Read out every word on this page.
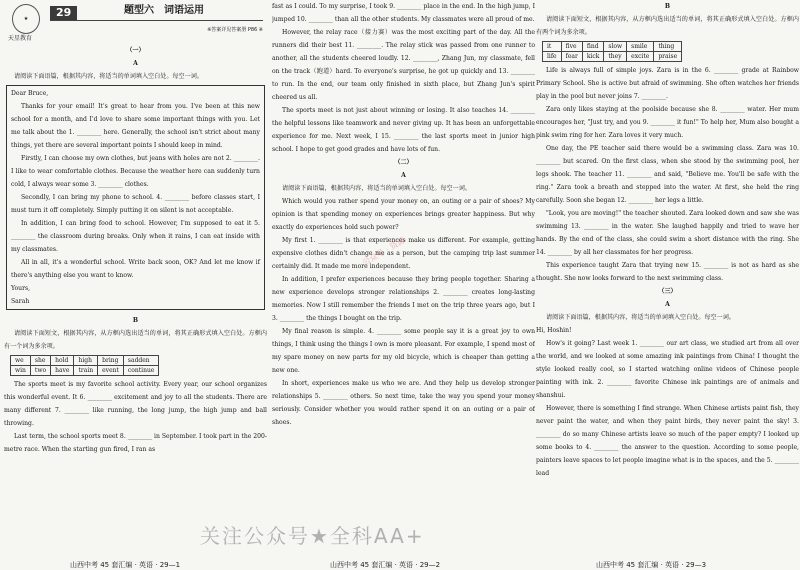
★
天星教育
29	题型六　词语运用
※答案详见答案册 P86 ※
（一）
A

请阅读下面语篇，根据其内容，将适当的单词填入空白处。每空一词。

Dear Bruce,

Thanks for your email! It's great to hear from you. I've been at this new school for a month, and I'd love to share some important things with you. Let me talk about the 1. ________ here. Generally, the school isn't strict about many things, yet there are several important points I should keep in mind.

Firstly, I can choose my own clothes, but jeans with holes are not 2. ________. I like to wear comfortable clothes. Because the weather here can suddenly turn cold, I always wear some 3. ________ clothes.

Secondly, I can bring my phone to school. 4. ________ before classes start, I must turn it off completely. Simply putting it on silent is not acceptable.

In addition, I can bring food to school. However, I'm supposed to eat it 5. ________ the classroom during breaks. Only when it rains, I can eat inside with my classmates.

All in all, it's a wonderful school. Write back soon, OK? And let me know if there's anything else you want to know.

Yours,

Sarah

B

请阅读下面短文，根据其内容，从方框内选出适当的单词，将其正确形式填入空白处。方框内有一个词为多余项。

we	she	hold	high	bring	sadden
win	two	have	train	event	continue

The sports meet is my favorite school activity. Every year, our school organizes this wonderful event. It 6. ________ excitement and joy to all the students. There are many different 7. ________ like running, the long jump, the high jump and ball throwing.

Last term, the school sports meet 8. ________ in September. I took part in the 200-metre race. When the starting gun fired, I ran as

fast as I could. To my surprise, I took 9. ________ place in the end. In the high jump, I jumped 10. ________ than all the other students. My classmates were all proud of me.

However, the relay race（接力赛）was the most exciting part of the day. All the runners did their best 11. ________. The relay stick was passed from one runner to another, all the students cheered loudly. 12. ________, Zhang Jun, my classmate, fell on the track（跑道）hard. To everyone's surprise, he got up quickly and 13. ________ to run. In the end, our team only finished in sixth place, but Zhang Jun's spirit cheered us all.

The sports meet is not just about winning or losing. It also teaches 14. ________ the helpful lessons like teamwork and never giving up. It has been an unforgettable experience for me. Next week, I 15. ________ the last sports meet in junior high school. I hope to get good grades and have lots of fun.

（二）
A

请阅读下面语篇，根据其内容，将适当的单词填入空白处。每空一词。

Which would you rather spend your money on, an outing or a pair of shoes? My opinion is that spending money on experiences brings greater happiness. But why exactly do experiences hold such power?

My first 1. ________ is that experiences make us different. For example, getting expensive clothes didn't change me as a person, but the camping trip last summer certainly did. It made me more independent.

In addition, I prefer experiences because they bring people together. Sharing a new experience develops stronger relationships 2. ________ creates long-lasting memories. Now I still remember the friends I met on the trip three years ago, but I 3. ________ the things I bought on the trip.

My final reason is simple. 4. ________ some people say it is a great joy to own things, I think using the things I own is more pleasant. For example, I spend most of my spare money on new parts for my old bicycle, which is cheaper than getting a new one.

In short, experiences make us who we are. And they help us develop stronger relationships 5. ________ others. So next time, take the way you spend your money seriously. Consider whether you would rather spend it on an outing or a pair of shoes.

B

请阅读下面短文，根据其内容，从方框内选出适当的单词，将其正确形式填入空白处。方框内有两个词为多余项。

it	five	find	slow	smile	thing
life	fear	kick	they	excite	praise

Life is always full of simple joys. Zara is in the 6. ________ grade at Rainbow Primary School. She is active but afraid of swimming. She often watches her friends play in the pool but never joins 7. ________.

Zara only likes staying at the poolside because she 8. ________ water. Her mum encourages her, "Just try, and you 9. ________ it fun!" To help her, Mum also bought a pink swim ring for her. Zara loves it very much.

One day, the PE teacher said there would be a swimming class. Zara was 10. ________ but scared. On the first class, when she stood by the swimming pool, her legs shook. The teacher 11. ________ and said, "Believe me. You'll be safe with the ring." Zara took a breath and stepped into the water. At first, she held the ring carefully. Soon she began 12. ________ her legs a little.

"Look, you are moving!" the teacher shouted. Zara looked down and saw she was swimming 13. ________ in the water. She laughed happily and tried to wave her hands. By the end of the class, she could swim a short distance with the ring. She 14. ________ by all her classmates for her progress.

This experience taught Zara that trying new 15. ________ is not as hard as she thought. She now looks forward to the next swimming class.

（三）
A

请阅读下面语篇，根据其内容，将适当的单词填入空白处。每空一词。

Hi, Hoshin!

How's it going? Last week 1. ________ our art class, we studied art from all over the world, and we looked at some amazing ink paintings from China! I thought the style looked really cool, so I started watching online videos of Chinese people painting with ink. 2. ________ favorite Chinese ink paintings are of animals and shanshui.

However, there is something I find strange. When Chinese artists paint fish, they never paint the water, and when they paint birds, they never paint the sky! 3. ________ do so many Chinese artists leave so much of the paper empty? I looked up some books to 4. ________ the answer to the question. According to some people, painters leave spaces to let people imagine what is in the spaces, and the 5. ________ lead

公众号 · 资源
关注公众号★全科AA+
山西中考 45 套汇编 · 英语 · 29—1	山西中考 45 套汇编 · 英语 · 29—2	山西中考 45 套汇编 · 英语 · 29—3
